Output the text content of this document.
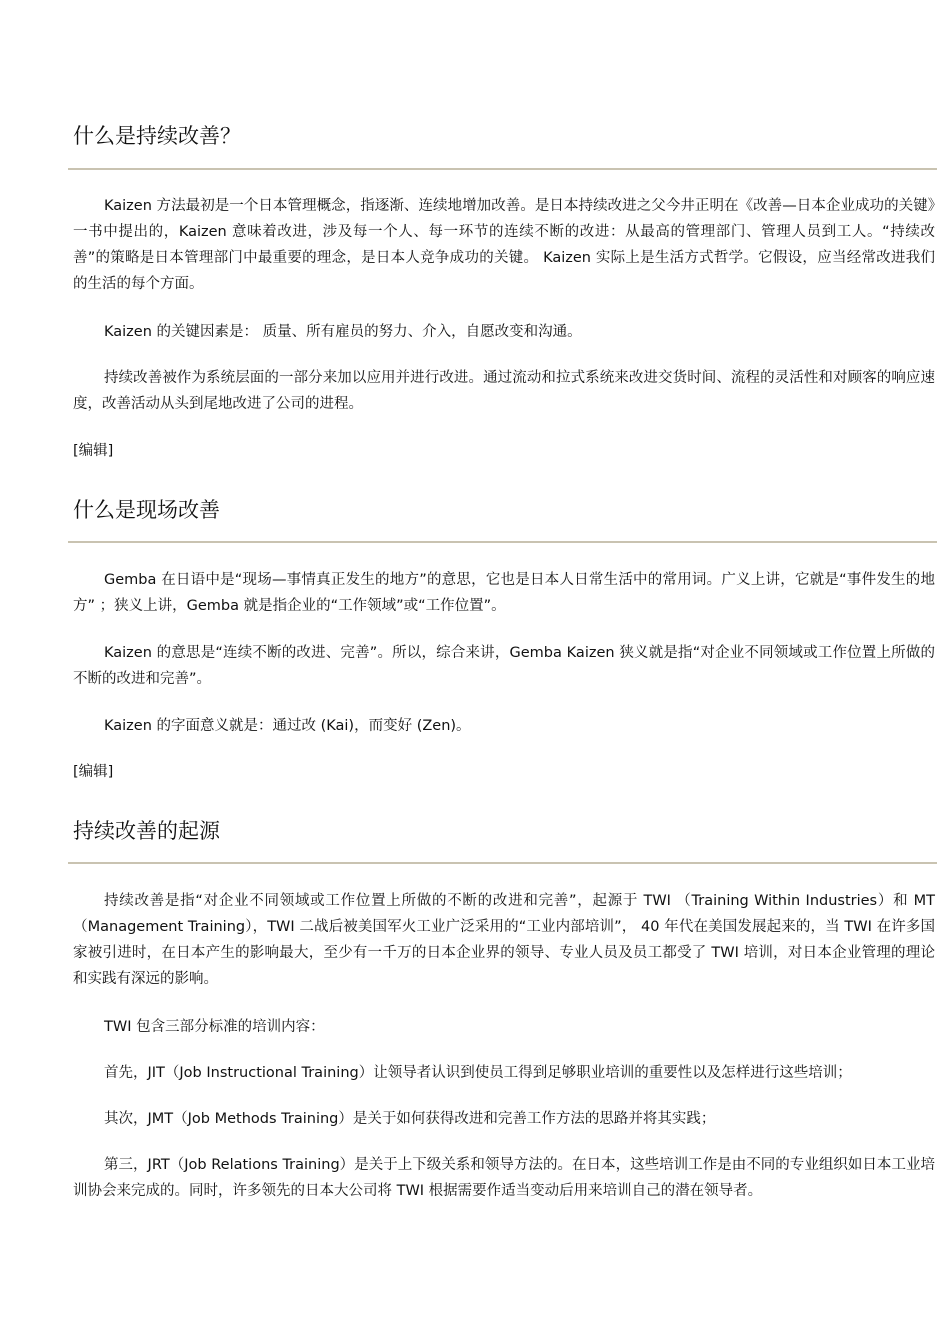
什么是持续改善？

Kaizen 方法最初是一个日本管理概念，指逐渐、连续地增加改善。是日本持续改进之父今井正明在《改善—日本企业成功的关键》一书中提出的，Kaizen 意味着改进，涉及每一个人、每一环节的连续不断的改进：从最高的管理部门、管理人员到工人。“持续改善”的策略是日本管理部门中最重要的理念，是日本人竞争成功的关键。 Kaizen 实际上是生活方式哲学。它假设，应当经常改进我们的生活的每个方面。

Kaizen 的关键因素是： 质量、所有雇员的努力、介入，自愿改变和沟通。

持续改善被作为系统层面的一部分来加以应用并进行改进。通过流动和拉式系统来改进交货时间、流程的灵活性和对顾客的响应速度，改善活动从头到尾地改进了公司的进程。

[编辑]

什么是现场改善

Gemba 在日语中是“现场—事情真正发生的地方”的意思，它也是日本人日常生活中的常用词。广义上讲，它就是“事件发生的地方” ；狭义上讲，Gemba 就是指企业的“工作领域”或“工作位置”。

Kaizen 的意思是“连续不断的改进、完善”。所以，综合来讲，Gemba Kaizen 狭义就是指“对企业不同领域或工作位置上所做的不断的改进和完善”。

Kaizen 的字面意义就是：通过改 (Kai)，而变好 (Zen)。

[编辑]

持续改善的起源

持续改善是指“对企业不同领域或工作位置上所做的不断的改进和完善”，起源于 TWI （Training Within Industries）和 MT（Management Training），TWI 二战后被美国军火工业广泛采用的“工业内部培训”， 40 年代在美国发展起来的，当 TWI 在许多国家被引进时，在日本产生的影响最大，至少有一千万的日本企业界的领导、专业人员及员工都受了 TWI 培训，对日本企业管理的理论和实践有深远的影响。

TWI 包含三部分标准的培训内容：

首先，JIT（Job Instructional Training）让领导者认识到使员工得到足够职业培训的重要性以及怎样进行这些培训；

其次，JMT（Job Methods Training）是关于如何获得改进和完善工作方法的思路并将其实践；

第三，JRT（Job Relations Training）是关于上下级关系和领导方法的。在日本，这些培训工作是由不同的专业组织如日本工业培训协会来完成的。同时，许多领先的日本大公司将 TWI 根据需要作适当变动后用来培训自己的潜在领导者。
